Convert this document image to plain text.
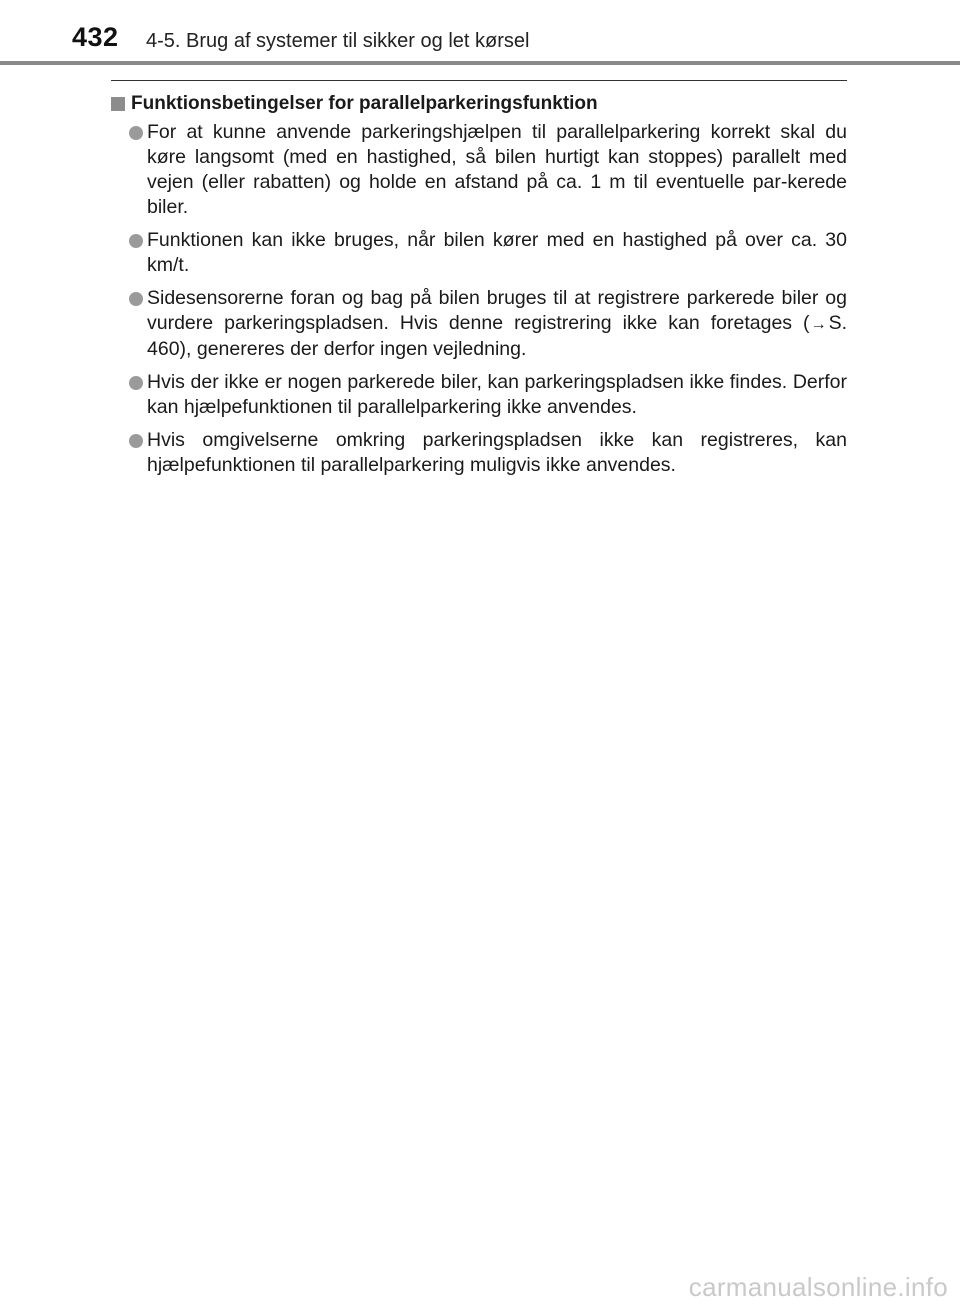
432 4-5. Brug af systemer til sikker og let kørsel
Funktionsbetingelser for parallelparkeringsfunktion
For at kunne anvende parkeringshjælpen til parallelparkering korrekt skal du køre langsomt (med en hastighed, så bilen hurtigt kan stoppes) parallelt med vejen (eller rabatten) og holde en afstand på ca. 1 m til eventuelle par-kerede biler.
Funktionen kan ikke bruges, når bilen kører med en hastighed på over ca. 30 km/t.
Sidesensorerne foran og bag på bilen bruges til at registrere parkerede biler og vurdere parkeringspladsen. Hvis denne registrering ikke kan foretages (→ S. 460), genereres der derfor ingen vejledning.
Hvis der ikke er nogen parkerede biler, kan parkeringspladsen ikke findes. Derfor kan hjælpefunktionen til parallelparkering ikke anvendes.
Hvis omgivelserne omkring parkeringspladsen ikke kan registreres, kan hjælpefunktionen til parallelparkering muligvis ikke anvendes.
carmanualsonline.info
